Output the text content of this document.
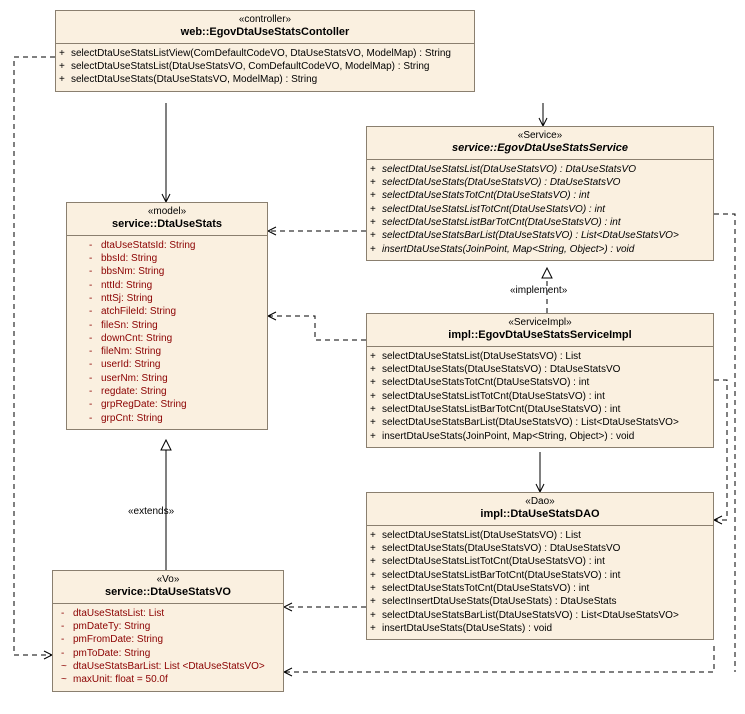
«controller»
web::EgovDtaUseStatsContoller
+ selectDtaUseStatsListView(ComDefaultCodeVO, DtaUseStatsVO, ModelMap) : String
+ selectDtaUseStatsList(DtaUseStatsVO, ComDefaultCodeVO, ModelMap) : String
+ selectDtaUseStats(DtaUseStatsVO, ModelMap) : String
«Service»
service::EgovDtaUseStatsService
+ selectDtaUseStatsList(DtaUseStatsVO) : DtaUseStatsVO
+ selectDtaUseStats(DtaUseStatsVO) : DtaUseStatsVO
+ selectDtaUseStatsTotCnt(DtaUseStatsVO) : int
+ selectDtaUseStatsListTotCnt(DtaUseStatsVO) : int
+ selectDtaUseStatsListBarTotCnt(DtaUseStatsVO) : int
+ selectDtaUseStatsBarList(DtaUseStatsVO) : List<DtaUseStatsVO>
+ insertDtaUseStats(JoinPoint, Map<String, Object>) : void
«model»
service::DtaUseStats
- dtaUseStatsId: String
- bbsId: String
- bbsNm: String
- nttId: String
- nttSj: String
- atchFileId: String
- fileSn: String
- downCnt: String
- fileNm: String
- userId: String
- userNm: String
- regdate: String
- grpRegDate: String
- grpCnt: String
«ServiceImpl»
impl::EgovDtaUseStatsServiceImpl
+ selectDtaUseStatsList(DtaUseStatsVO) : List
+ selectDtaUseStats(DtaUseStatsVO) : DtaUseStatsVO
+ selectDtaUseStatsTotCnt(DtaUseStatsVO) : int
+ selectDtaUseStatsListTotCnt(DtaUseStatsVO) : int
+ selectDtaUseStatsListBarTotCnt(DtaUseStatsVO) : int
+ selectDtaUseStatsBarList(DtaUseStatsVO) : List<DtaUseStatsVO>
+ insertDtaUseStats(JoinPoint, Map<String, Object>) : void
«Dao»
impl::DtaUseStatsDAO
+ selectDtaUseStatsList(DtaUseStatsVO) : List
+ selectDtaUseStats(DtaUseStatsVO) : DtaUseStatsVO
+ selectDtaUseStatsListTotCnt(DtaUseStatsVO) : int
+ selectDtaUseStatsListBarTotCnt(DtaUseStatsVO) : int
+ selectDtaUseStatsTotCnt(DtaUseStatsVO) : int
+ selectInsertDtaUseStats(DtaUseStats) : DtaUseStats
+ selectDtaUseStatsBarList(DtaUseStatsVO) : List<DtaUseStatsVO>
+ insertDtaUseStats(DtaUseStats) : void
«Vo»
service::DtaUseStatsVO
- dtaUseStatsList: List
- pmDateTy: String
- pmFromDate: String
- pmToDate: String
~ dtaUseStatsBarList: List <DtaUseStatsVO>
~ maxUnit: float = 50.0f
«implement»
«extends»
